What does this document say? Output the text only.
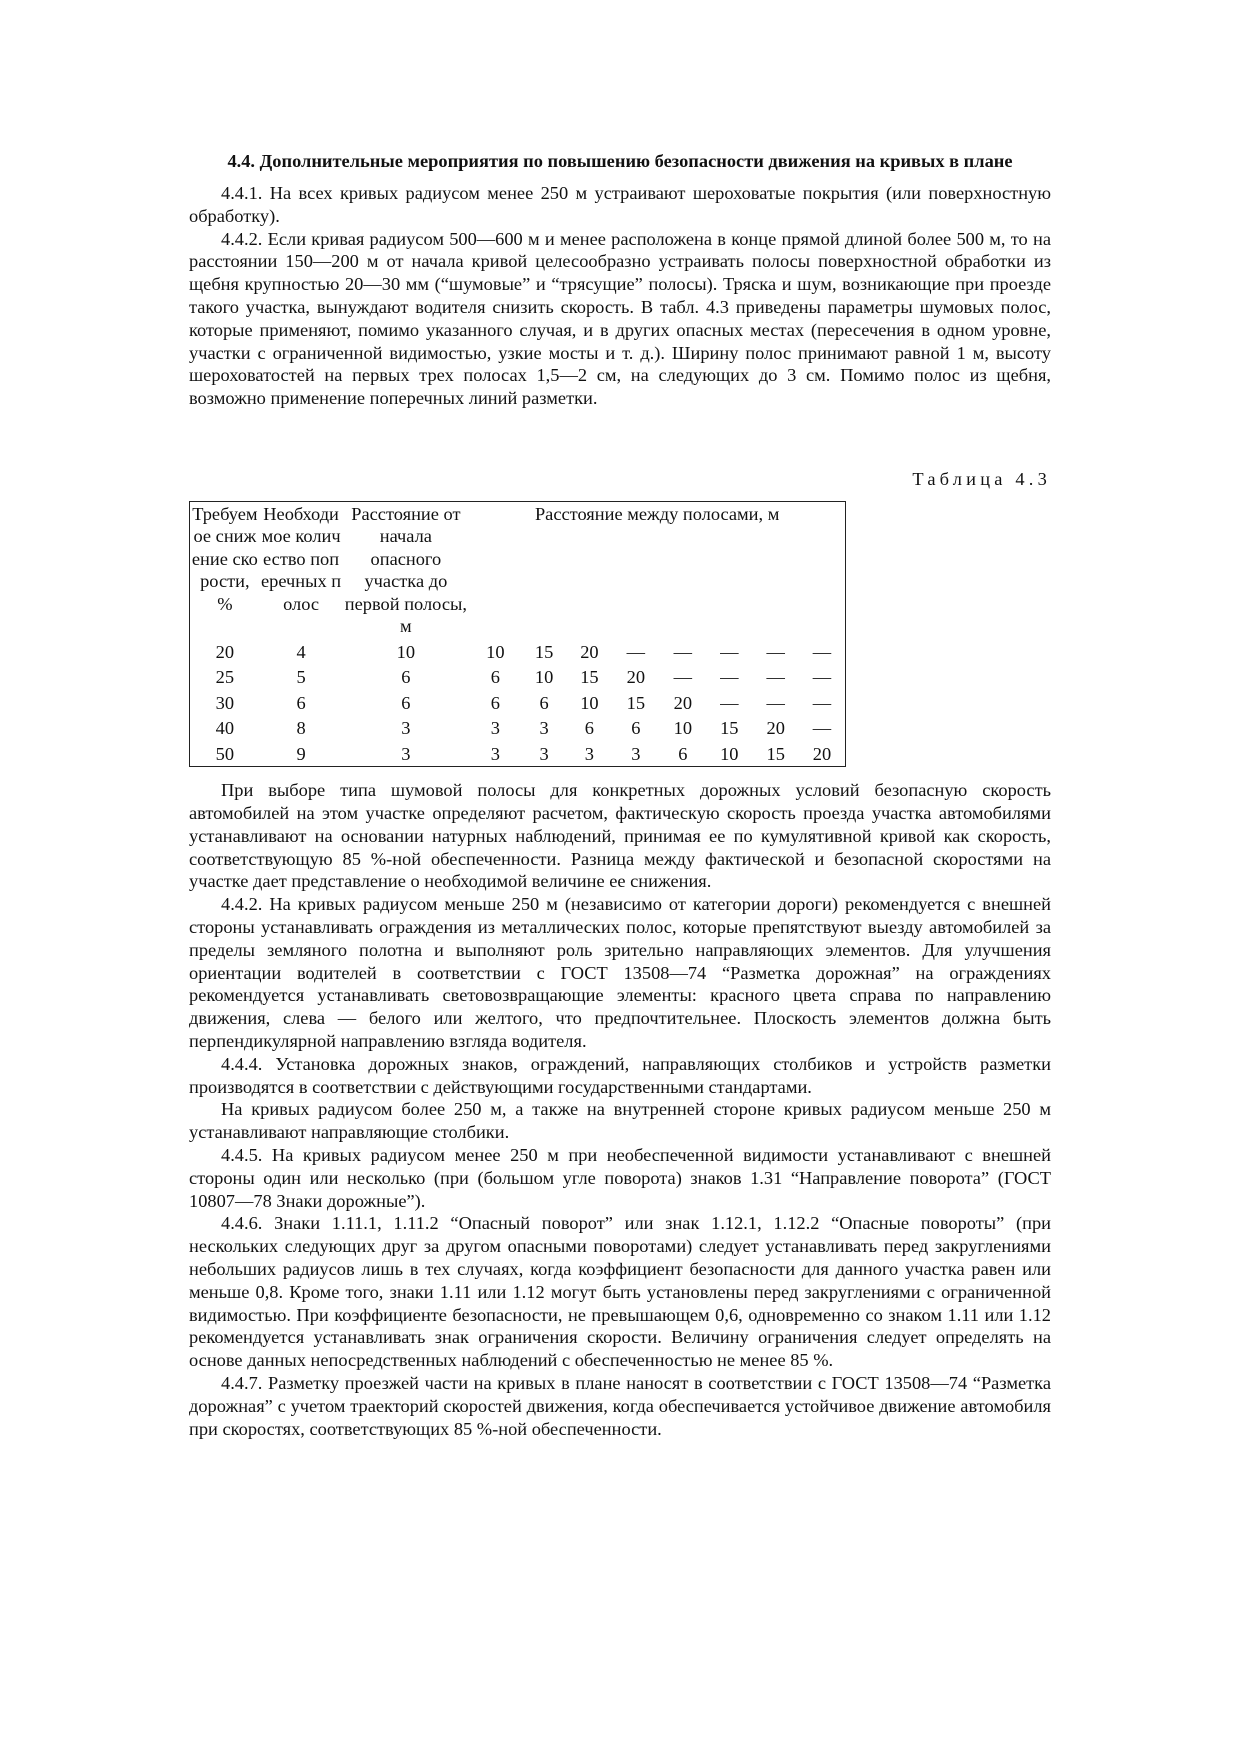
4.4. Дополнительные мероприятия по повышению безопасности движения на кривых в плане

4.4.1. На всех кривых радиусом менее 250 м устраивают шероховатые покрытия (или поверхностную обработку).

4.4.2. Если кривая радиусом 500—600 м и менее расположена в конце прямой длиной более 500 м, то на расстоянии 150—200 м от начала кривой целесообразно устраивать полосы поверхностной обработки из щебня крупностью 20—30 мм (“шумовые” и “трясущие” полосы). Тряска и шум, возникающие при проезде такого участка, вынуждают водителя снизить скорость. В табл. 4.3 приведены параметры шумовых полос, которые применяют, помимо указанного случая, и в других опасных местах (пересечения в одном уровне, участки с ограниченной видимостью, узкие мосты и т. д.). Ширину полос принимают равной 1 м, высоту шероховатостей на первых трех полосах 1,5—2 см, на следующих до 3 см. Помимо полос из щебня, возможно применение поперечных линий разметки.

Таблица 4.3

Требуемое снижение скорости, %	Необходимое количество поперечных полос	Расстояние от начала опасного участка до первой полосы, м	Расстояние между полосами, м							
20	4	10	10	15	20	—	—	—	—	—
25	5	6	6	10	15	20	—	—	—	—
30	6	6	6	6	10	15	20	—	—	—
40	8	3	3	3	6	6	10	15	20	—
50	9	3	3	3	3	3	6	10	15	20

При выборе типа шумовой полосы для конкретных дорожных условий безопасную скорость автомобилей на этом участке определяют расчетом, фактическую скорость проезда участка автомобилями устанавливают на основании натурных наблюдений, принимая ее по кумулятивной кривой как скорость, соответствующую 85 %-ной обеспеченности. Разница между фактической и безопасной скоростями на участке дает представление о необходимой величине ее снижения.

4.4.2. На кривых радиусом меньше 250 м (независимо от категории дороги) рекомендуется с внешней стороны устанавливать ограждения из металлических полос, которые препятствуют выезду автомобилей за пределы земляного полотна и выполняют роль зрительно направляющих элементов. Для улучшения ориентации водителей в соответствии с ГОСТ 13508—74 “Разметка дорожная” на ограждениях рекомендуется устанавливать световозвращающие элементы: красного цвета справа по направлению движения, слева — белого или желтого, что предпочтительнее. Плоскость элементов должна быть перпендикулярной направлению взгляда водителя.

4.4.4. Установка дорожных знаков, ограждений, направляющих столбиков и устройств разметки производятся в соответствии с действующими государственными стандартами.

На кривых радиусом более 250 м, а также на внутренней стороне кривых радиусом меньше 250 м устанавливают направляющие столбики.

4.4.5. На кривых радиусом менее 250 м при необеспеченной видимости устанавливают с внешней стороны один или несколько (при (большом угле поворота) знаков 1.31 “Направление поворота” (ГОСТ 10807—78 Знаки дорожные”).

4.4.6. Знаки 1.11.1, 1.11.2 “Опасный поворот” или знак 1.12.1, 1.12.2 “Опасные повороты” (при нескольких следующих друг за другом опасными поворотами) следует устанавливать перед закруглениями небольших радиусов лишь в тех случаях, когда коэффициент безопасности для данного участка равен или меньше 0,8. Кроме того, знаки 1.11 или 1.12 могут быть установлены перед закруглениями с ограниченной видимостью. При коэффициенте безопасности, не превышающем 0,6, одновременно со знаком 1.11 или 1.12 рекомендуется устанавливать знак ограничения скорости. Величину ограничения следует определять на основе данных непосредственных наблюдений с обеспеченностью не менее 85 %.

4.4.7. Разметку проезжей части на кривых в плане наносят в соответствии с ГОСТ 13508—74 “Разметка дорожная” с учетом траекторий скоростей движения, когда обеспечивается устойчивое движение автомобиля при скоростях, соответствующих 85 %-ной обеспеченности.
